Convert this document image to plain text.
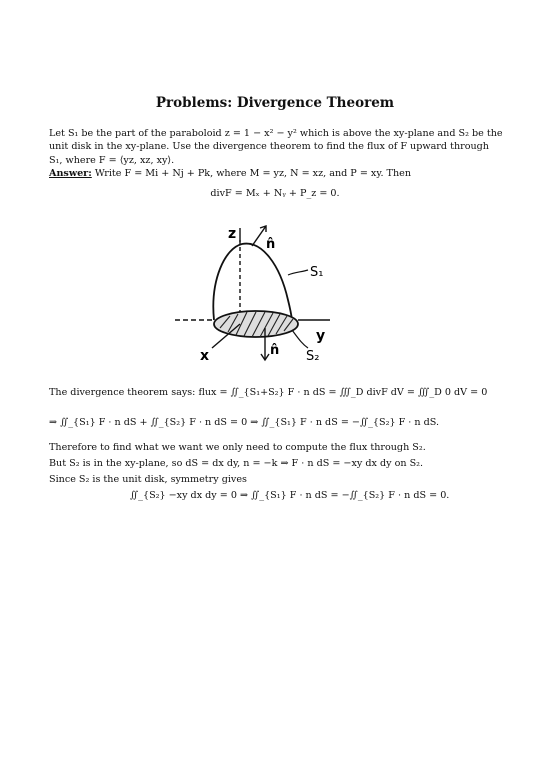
Problems: Divergence Theorem
Let S₁ be the part of the paraboloid z = 1 − x² − y² which is above the xy-plane and S₂ be the unit disk in the xy-plane. Use the divergence theorem to find the flux of F upward through S₁, where F = ⟨yz, xz, xy⟩.
Answer: Write F = Mi + Nj + Pk, where M = yz, N = xz, and P = xy. Then
divF = Mₓ + Nᵧ + P_z = 0.
z
n̂
S₁
y
x	n̂ S₂
The divergence theorem says: flux = ∬_{S₁+S₂} F · n dS = ∭_D divF dV = ∭_D 0 dV = 0
⇒ ∬_{S₁} F · n dS + ∬_{S₂} F · n dS = 0 ⇒ ∬_{S₁} F · n dS = −∬_{S₂} F · n dS.
Therefore to find what we want we only need to compute the flux through S₂.
But S₂ is in the xy-plane, so dS = dx dy, n = −k ⇒ F · n dS = −xy dx dy on S₂.
Since S₂ is the unit disk, symmetry gives
∬_{S₂} −xy dx dy = 0 ⇒ ∬_{S₁} F · n dS = −∬_{S₂} F · n dS = 0.
